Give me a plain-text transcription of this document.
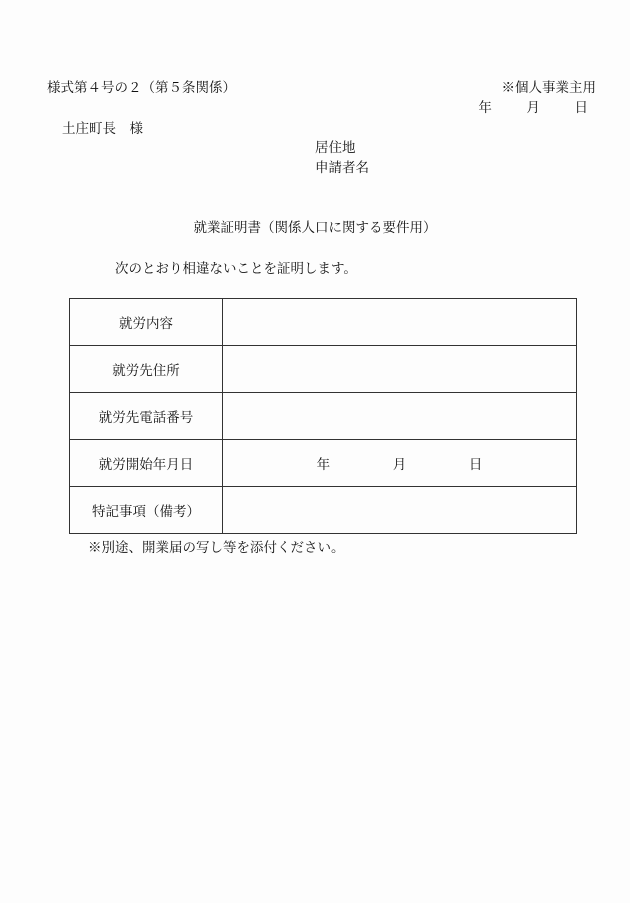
様式第４号の２（第５条関係）	※個人事業主用
年	月	日
土庄町長　様
居住地
申請者名
就業証明書（関係人口に関する要件用）
次のとおり相違ないことを証明します。
就労内容	
就労先住所	
就労先電話番号	
就労開始年月日	年 月 日
特記事項（備考）	
※別途、開業届の写し等を添付ください。
